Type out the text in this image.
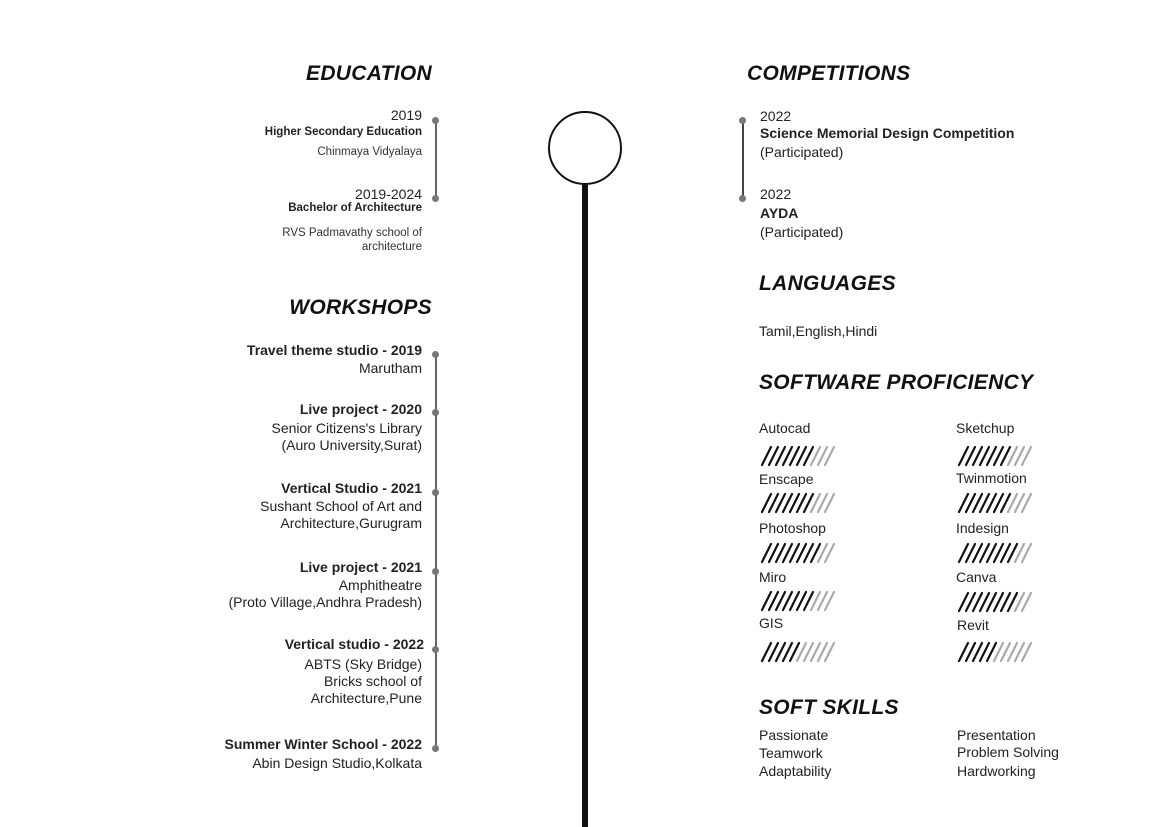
EDUCATION
2019
Higher Secondary Education
Chinmaya Vidyalaya
2019-2024
Bachelor of Architecture
RVS Padmavathy school of
architecture
WORKSHOPS
Travel theme studio - 2019
Marutham
Live project - 2020
Senior Citizens's Library
(Auro University,Surat)
Vertical Studio - 2021
Sushant School of Art and
Architecture,Gurugram
Live project - 2021
Amphitheatre
(Proto Village,Andhra Pradesh)
Vertical studio - 2022
ABTS (Sky Bridge)
Bricks school of
Architecture,Pune
Summer Winter School - 2022
Abin Design Studio,Kolkata
COMPETITIONS
2022
Science Memorial Design Competition
(Participated)
2022
AYDA
(Participated)
LANGUAGES
Tamil,English,Hindi
SOFTWARE PROFICIENCY
Autocad	Sketchup
Enscape	Twinmotion
Photoshop	Indesign
Miro	Canva
GIS	Revit
SOFT SKILLS
Passionate
Teamwork
Adaptability
Presentation
Problem Solving
Hardworking
